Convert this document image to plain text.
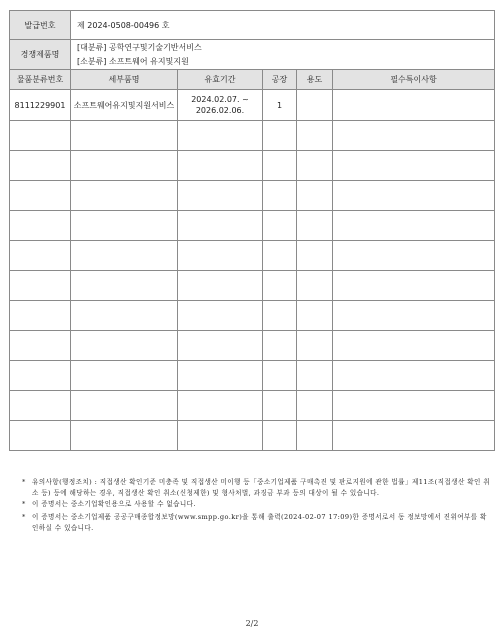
발급번호	제 2024-0508-00496 호				
경쟁제품명	[대분류] 공학연구및기술기반서비스
[소분류] 소프트웨어 유지및지원				

물품분류번호	세부품명	유효기간	공장	용도	필수특이사항
8111229901	소프트웨어유지및지원서비스	2024.02.07. ~
2026.02.06.	1		

* 유의사항(행정조치) : 직접생산 확인기준 미충족 및 직접생산 미이행 등「중소기업제품 구매촉진 및 판로지원에 관한 법률」제11조(직접생산 확인 취소 등) 등에 해당하는 경우, 직접생산 확인 취소(신청제한) 및 형사처벌, 과징금 부과 등의 대상이 될 수 있습니다.

* 이 증명서는 중소기업확인용으로 사용할 수 없습니다.

* 이 증명서는 중소기업제품 공공구매종합정보망(www.smpp.go.kr)을 통해 출력(2024-02-07 17:09)한 증명서로서 동 정보망에서 진위여부를 확인하실 수 있습니다.

2/2
